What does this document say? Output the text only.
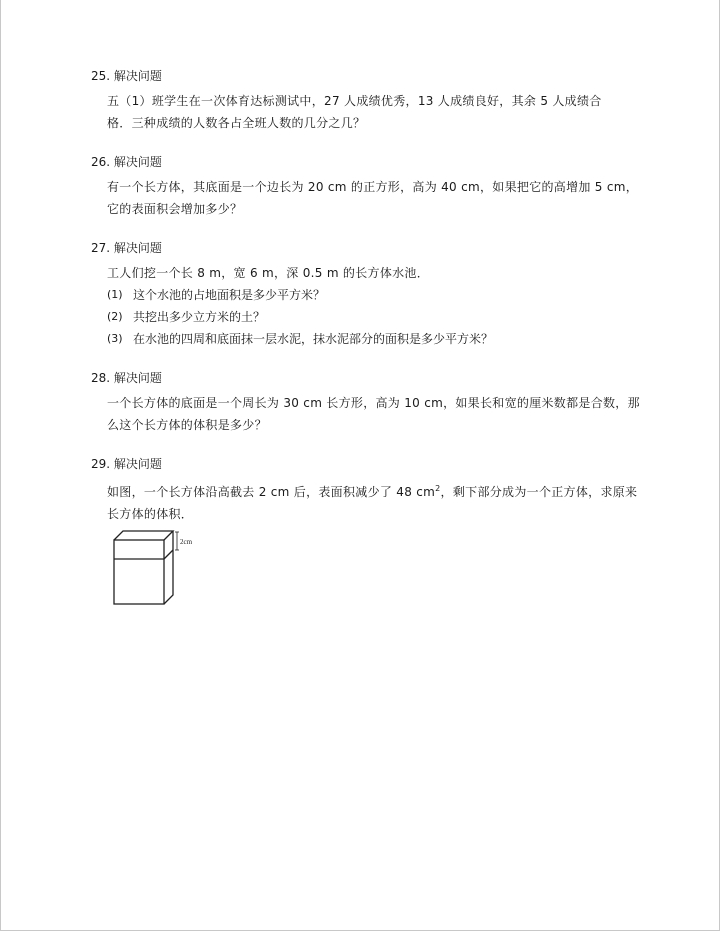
25. 解决问题
五（1）班学生在一次体育达标测试中，27 人成绩优秀，13 人成绩良好，其余 5 人成绩合
格．三种成绩的人数各占全班人数的几分之几？
26. 解决问题
有一个长方体，其底面是一个边长为 20 cm 的正方形，高为 40 cm，如果把它的高增加 5 cm，
它的表面积会增加多少？
27. 解决问题
工人们挖一个长 8 m，宽 6 m，深 0.5 m 的长方体水池．
(1) 这个水池的占地面积是多少平方米？
(2) 共挖出多少立方米的土？
(3) 在水池的四周和底面抹一层水泥，抹水泥部分的面积是多少平方米？
28. 解决问题
一个长方体的底面是一个周长为 30 cm 长方形，高为 10 cm，如果长和宽的厘米数都是合数，那
么这个长方体的体积是多少？
29. 解决问题
如图，一个长方体沿高截去 2 cm 后，表面积减少了 48 $cm^2$，剩下部分成为一个正方体，求原来
长方体的体积．
2cm
